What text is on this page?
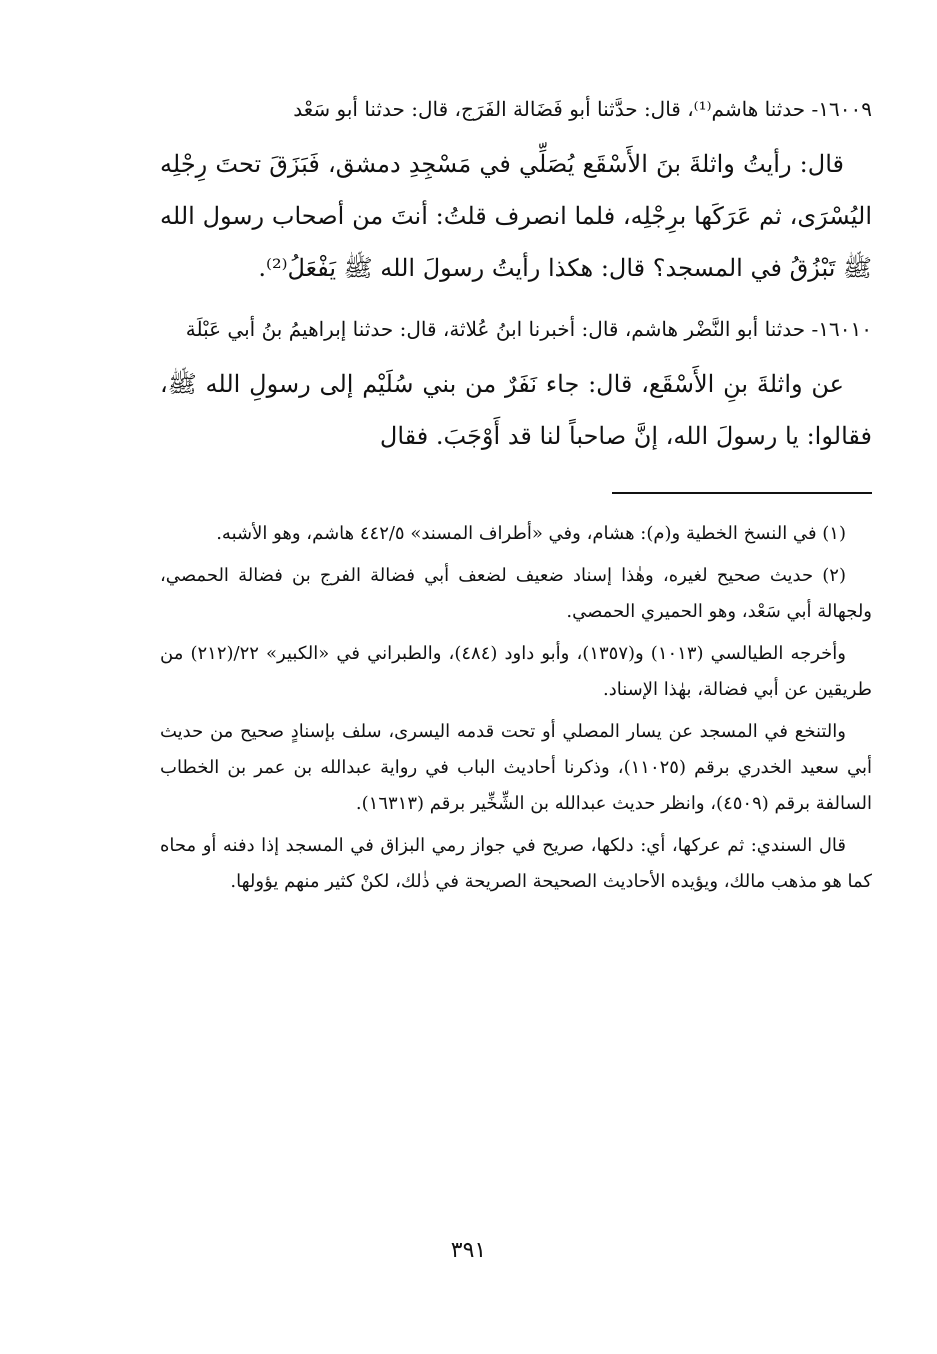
١٦٠٠٩- حدثنا هاشم⁽¹⁾، قال: حدَّثنا أبو فَضَالة الفَرَج، قال: حدثنا أبو سَعْد

قال: رأيتُ واثلةَ بنَ الأَسْقَع يُصَلِّي في مَسْجِدِ دمشق، فَبَزَقَ تحتَ رِجْلِه اليُسْرَى، ثم عَرَكَها برِجْلِه، فلما انصرف قلتُ: أنتَ من أصحاب رسول الله ﷺ تَبْزُقُ في المسجد؟ قال: هكذا رأيتُ رسولَ الله ﷺ يَفْعَلُ⁽²⁾.

١٦٠١٠- حدثنا أبو النَّضْر هاشم، قال: أخبرنا ابنُ عُلاثة، قال: حدثنا إبراهيمُ بنُ أبي عَبْلَة

عن واثلةَ بنِ الأَسْقَع، قال: جاء نَفَرٌ من بني سُلَيْم إلى رسولِ الله ﷺ، فقالوا: يا رسولَ الله، إنَّ صاحباً لنا قد أَوْجَبَ. فقال

(١) في النسخ الخطية و(م): هشام، وفي «أطراف المسند» ٤٤٢/٥ هاشم، وهو الأشبه.

(٢) حديث صحيح لغيره، وهٰذا إسناد ضعيف لضعف أبي فضالة الفرج بن فضالة الحمصي، ولجهالة أبي سَعْد، وهو الحميري الحمصي.

وأخرجه الطيالسي (١٠١٣) و(١٣٥٧)، وأبو داود (٤٨٤)، والطبراني في «الكبير» ٢٢/(٢١٢) من طريقين عن أبي فضالة، بهٰذا الإسناد.

والتنخع في المسجد عن يسار المصلي أو تحت قدمه اليسرى، سلف بإسنادٍ صحيح من حديث أبي سعيد الخدري برقم (١١٠٢٥)، وذكرنا أحاديث الباب في رواية عبدالله بن عمر بن الخطاب السالفة برقم (٤٥٠٩)، وانظر حديث عبدالله بن الشِّخِّير برقم (١٦٣١٣).

قال السندي: ثم عركها، أي: دلكها، صريح في جواز رمي البزاق في المسجد إذا دفنه أو محاه كما هو مذهب مالك، ويؤيده الأحاديث الصحيحة الصريحة في ذٰلك، لكنْ كثير منهم يؤولها.

٣٩١
